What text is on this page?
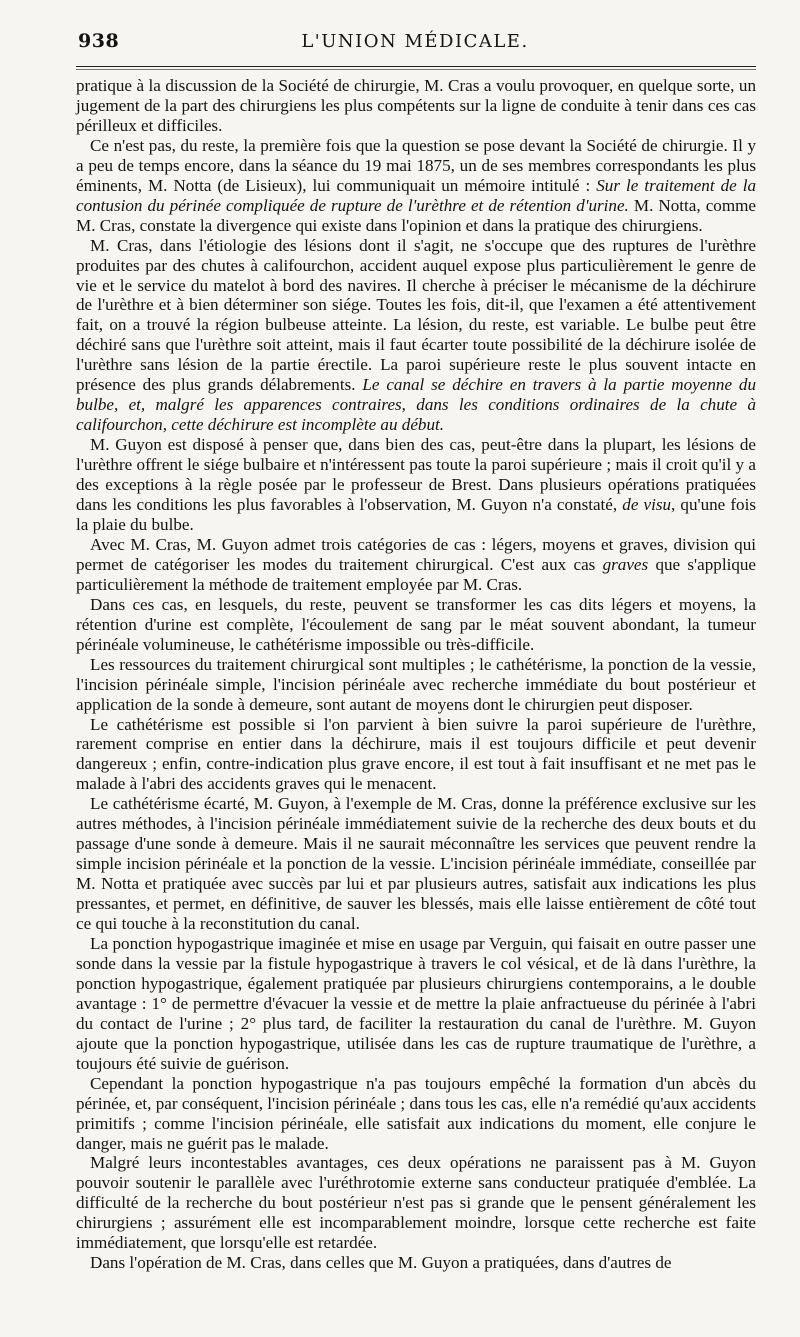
938	L'UNION MÉDICALE.

pratique à la discussion de la Société de chirurgie, M. Cras a voulu provoquer, en quelque sorte, un jugement de la part des chirurgiens les plus compétents sur la ligne de conduite à tenir dans ces cas périlleux et difficiles.

Ce n'est pas, du reste, la première fois que la question se pose devant la Société de chirurgie. Il y a peu de temps encore, dans la séance du 19 mai 1875, un de ses membres correspondants les plus éminents, M. Notta (de Lisieux), lui communiquait un mémoire intitulé : Sur le traitement de la contusion du périnée compliquée de rupture de l'urèthre et de rétention d'urine. M. Notta, comme M. Cras, constate la divergence qui existe dans l'opinion et dans la pratique des chirurgiens.

M. Cras, dans l'étiologie des lésions dont il s'agit, ne s'occupe que des ruptures de l'urèthre produites par des chutes à califourchon, accident auquel expose plus particulièrement le genre de vie et le service du matelot à bord des navires. Il cherche à préciser le mécanisme de la déchirure de l'urèthre et à bien déterminer son siége. Toutes les fois, dit-il, que l'examen a été attentivement fait, on a trouvé la région bulbeuse atteinte. La lésion, du reste, est variable. Le bulbe peut être déchiré sans que l'urèthre soit atteint, mais il faut écarter toute possibilité de la déchirure isolée de l'urèthre sans lésion de la partie érectile. La paroi supérieure reste le plus souvent intacte en présence des plus grands délabrements. Le canal se déchire en travers à la partie moyenne du bulbe, et, malgré les apparences contraires, dans les conditions ordinaires de la chute à califourchon, cette déchirure est incomplète au début.

M. Guyon est disposé à penser que, dans bien des cas, peut-être dans la plupart, les lésions de l'urèthre offrent le siége bulbaire et n'intéressent pas toute la paroi supérieure ; mais il croit qu'il y a des exceptions à la règle posée par le professeur de Brest. Dans plusieurs opérations pratiquées dans les conditions les plus favorables à l'observation, M. Guyon n'a constaté, de visu, qu'une fois la plaie du bulbe.

Avec M. Cras, M. Guyon admet trois catégories de cas : légers, moyens et graves, division qui permet de catégoriser les modes du traitement chirurgical. C'est aux cas graves que s'applique particulièrement la méthode de traitement employée par M. Cras.

Dans ces cas, en lesquels, du reste, peuvent se transformer les cas dits légers et moyens, la rétention d'urine est complète, l'écoulement de sang par le méat souvent abondant, la tumeur périnéale volumineuse, le cathétérisme impossible ou très-difficile.

Les ressources du traitement chirurgical sont multiples ; le cathétérisme, la ponction de la vessie, l'incision périnéale simple, l'incision périnéale avec recherche immédiate du bout postérieur et application de la sonde à demeure, sont autant de moyens dont le chirurgien peut disposer.

Le cathétérisme est possible si l'on parvient à bien suivre la paroi supérieure de l'urèthre, rarement comprise en entier dans la déchirure, mais il est toujours difficile et peut devenir dangereux ; enfin, contre-indication plus grave encore, il est tout à fait insuffisant et ne met pas le malade à l'abri des accidents graves qui le menacent.

Le cathétérisme écarté, M. Guyon, à l'exemple de M. Cras, donne la préférence exclusive sur les autres méthodes, à l'incision périnéale immédiatement suivie de la recherche des deux bouts et du passage d'une sonde à demeure. Mais il ne saurait méconnaître les services que peuvent rendre la simple incision périnéale et la ponction de la vessie. L'incision périnéale immédiate, conseillée par M. Notta et pratiquée avec succès par lui et par plusieurs autres, satisfait aux indications les plus pressantes, et permet, en définitive, de sauver les blessés, mais elle laisse entièrement de côté tout ce qui touche à la reconstitution du canal.

La ponction hypogastrique imaginée et mise en usage par Verguin, qui faisait en outre passer une sonde dans la vessie par la fistule hypogastrique à travers le col vésical, et de là dans l'urèthre, la ponction hypogastrique, également pratiquée par plusieurs chirurgiens contemporains, a le double avantage : 1° de permettre d'évacuer la vessie et de mettre la plaie anfractueuse du périnée à l'abri du contact de l'urine ; 2° plus tard, de faciliter la restauration du canal de l'urèthre. M. Guyon ajoute que la ponction hypogastrique, utilisée dans les cas de rupture traumatique de l'urèthre, a toujours été suivie de guérison.

Cependant la ponction hypogastrique n'a pas toujours empêché la formation d'un abcès du périnée, et, par conséquent, l'incision périnéale ; dans tous les cas, elle n'a remédié qu'aux accidents primitifs ; comme l'incision périnéale, elle satisfait aux indications du moment, elle conjure le danger, mais ne guérit pas le malade.

Malgré leurs incontestables avantages, ces deux opérations ne paraissent pas à M. Guyon pouvoir soutenir le parallèle avec l'uréthrotomie externe sans conducteur pratiquée d'emblée. La difficulté de la recherche du bout postérieur n'est pas si grande que le pensent généralement les chirurgiens ; assurément elle est incomparablement moindre, lorsque cette recherche est faite immédiatement, que lorsqu'elle est retardée.

Dans l'opération de M. Cras, dans celles que M. Guyon a pratiquées, dans d'autres de
